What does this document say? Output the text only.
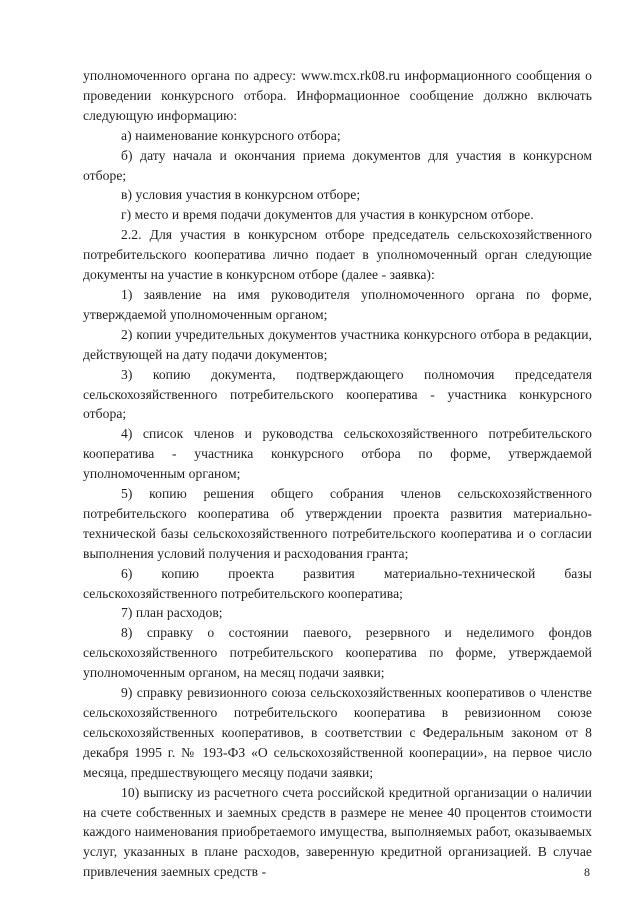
уполномоченного органа по адресу: www.mcx.rk08.ru информационного сообщения о проведении конкурсного отбора. Информационное сообщение должно включать следующую информацию:

а) наименование конкурсного отбора;

б) дату начала и окончания приема документов для участия в конкурсном отборе;

в) условия участия в конкурсном отборе;

г) место и время подачи документов для участия в конкурсном отборе.

2.2. Для участия в конкурсном отборе председатель сельскохозяйственного потребительского кооператива лично подает в уполномоченный орган следующие документы на участие в конкурсном отборе (далее - заявка):

1) заявление на имя руководителя уполномоченного органа по форме, утверждаемой уполномоченным органом;

2) копии учредительных документов участника конкурсного отбора в редакции, действующей на дату подачи документов;

3) копию документа, подтверждающего полномочия председателя сельскохозяйственного потребительского кооператива - участника конкурсного отбора;

4) список членов и руководства сельскохозяйственного потребительского кооператива - участника конкурсного отбора по форме, утверждаемой уполномоченным органом;

5) копию решения общего собрания членов сельскохозяйственного потребительского кооператива об утверждении проекта развития материально-технической базы сельскохозяйственного потребительского кооператива и о согласии выполнения условий получения и расходования гранта;

6) копию проекта развития материально-технической базы сельскохозяйственного потребительского кооператива;

7) план расходов;

8) справку о состоянии паевого, резервного и неделимого фондов сельскохозяйственного потребительского кооператива по форме, утверждаемой уполномоченным органом, на месяц подачи заявки;

9) справку ревизионного союза сельскохозяйственных кооперативов о членстве сельскохозяйственного потребительского кооператива в ревизионном союзе сельскохозяйственных кооперативов, в соответствии с Федеральным законом от 8 декабря 1995 г. № 193-ФЗ «О сельскохозяйственной кооперации», на первое число месяца, предшествующего месяцу подачи заявки;

10) выписку из расчетного счета российской кредитной организации о наличии на счете собственных и заемных средств в размере не менее 40 процентов стоимости каждого наименования приобретаемого имущества, выполняемых работ, оказываемых услуг, указанных в плане расходов, заверенную кредитной организацией. В случае привлечения заемных средств -	8
